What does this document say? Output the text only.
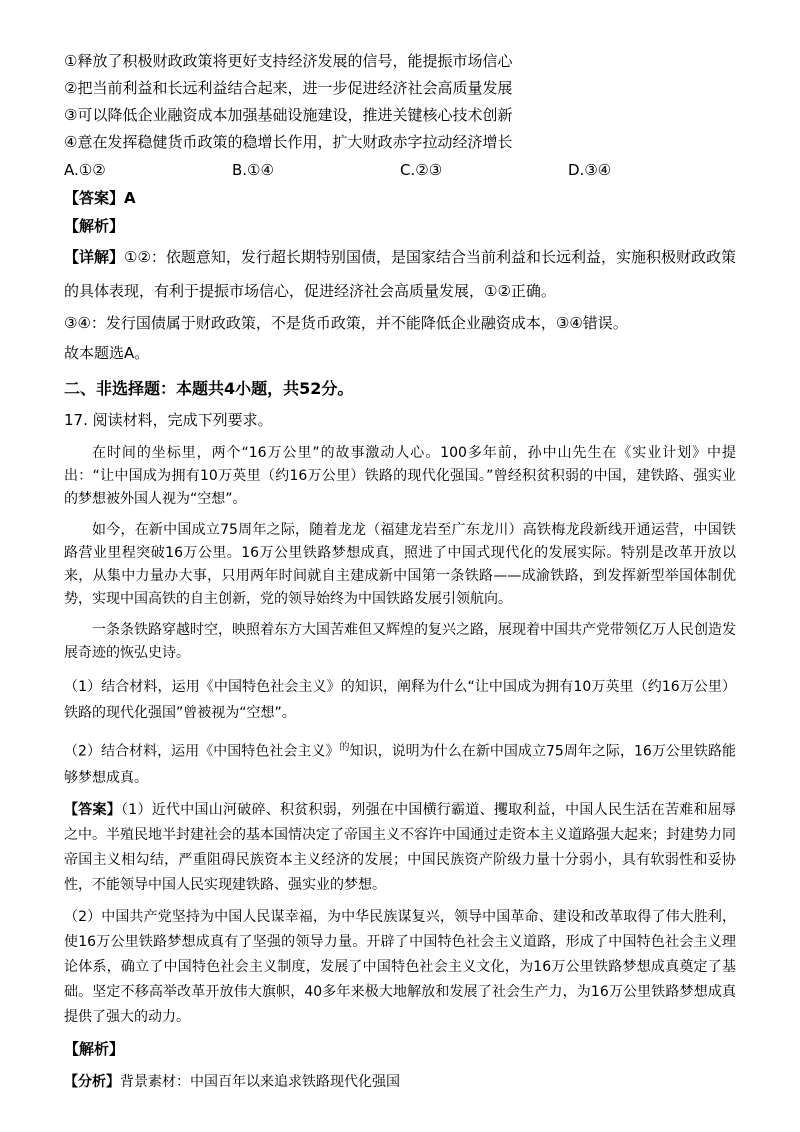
①释放了积极财政政策将更好支持经济发展的信号，能提振市场信心

②把当前利益和长远利益结合起来，进一步促进经济社会高质量发展

③可以降低企业融资成本加强基础设施建设，推进关键核心技术创新

④意在发挥稳健货币政策的稳增长作用，扩大财政赤字拉动经济增长

A.①②	B.①④	C.②③	D.③④

【答案】A

【解析】

【详解】①②：依题意知，发行超长期特别国债，是国家结合当前利益和长远利益，实施积极财政政策的具体表现，有利于提振市场信心，促进经济社会高质量发展，①②正确。

③④：发行国债属于财政政策，不是货币政策，并不能降低企业融资成本，③④错误。

故本题选A。

二、非选择题：本题共4小题，共52分。

17. 阅读材料，完成下列要求。

在时间的坐标里，两个“16万公里”的故事激动人心。100多年前，孙中山先生在《实业计划》中提出：“让中国成为拥有10万英里（约16万公里）铁路的现代化强国。”曾经积贫积弱的中国，建铁路、强实业的梦想被外国人视为“空想”。

如今，在新中国成立75周年之际，随着龙龙（福建龙岩至广东龙川）高铁梅龙段新线开通运营，中国铁路营业里程突破16万公里。16万公里铁路梦想成真，照进了中国式现代化的发展实际。特别是改革开放以来，从集中力量办大事，只用两年时间就自主建成新中国第一条铁路——成渝铁路，到发挥新型举国体制优势，实现中国高铁的自主创新，党的领导始终为中国铁路发展引领航向。

一条条铁路穿越时空，映照着东方大国苦难但又辉煌的复兴之路，展现着中国共产党带领亿万人民创造发展奇迹的恢弘史诗。

（1）结合材料，运用《中国特色社会主义》的知识，阐释为什么“让中国成为拥有10万英里（约16万公里）铁路的现代化强国”曾被视为“空想”。

（2）结合材料，运用《中国特色社会主义》$^的$知识，说明为什么在新中国成立75周年之际，16万公里铁路能够梦想成真。

【答案】（1）近代中国山河破碎、积贫积弱，列强在中国横行霸道、攫取利益，中国人民生活在苦难和屈辱之中。半殖民地半封建社会的基本国情决定了帝国主义不容许中国通过走资本主义道路强大起来；封建势力同帝国主义相勾结，严重阻碍民族资本主义经济的发展；中国民族资产阶级力量十分弱小，具有软弱性和妥协性，不能领导中国人民实现建铁路、强实业的梦想。

（2）中国共产党坚持为中国人民谋幸福，为中华民族谋复兴，领导中国革命、建设和改革取得了伟大胜利，使16万公里铁路梦想成真有了坚强的领导力量。开辟了中国特色社会主义道路，形成了中国特色社会主义理论体系，确立了中国特色社会主义制度，发展了中国特色社会主义文化，为16万公里铁路梦想成真奠定了基础。坚定不移高举改革开放伟大旗帜，40多年来极大地解放和发展了社会生产力，为16万公里铁路梦想成真提供了强大的动力。

【解析】

【分析】背景素材：中国百年以来追求铁路现代化强国
